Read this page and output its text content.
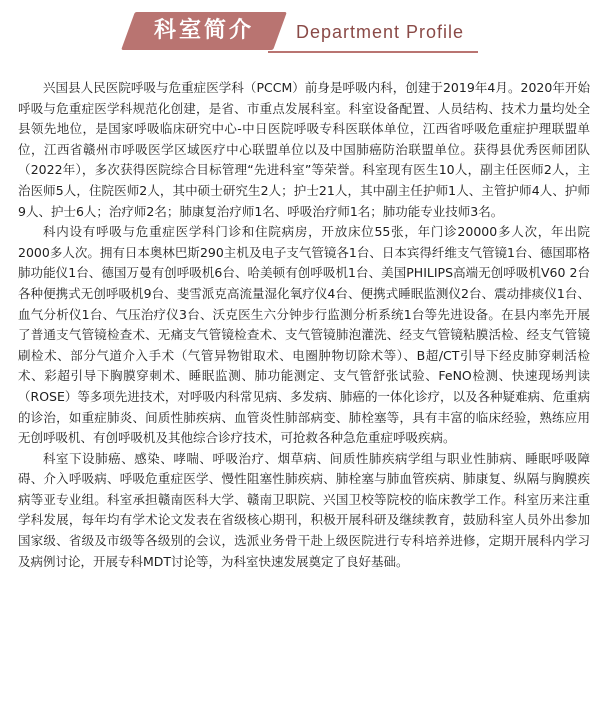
科室简介	Department Profile

兴国县人民医院呼吸与危重症医学科（PCCM）前身是呼吸内科，创建于2019年4月。2020年开始呼吸与危重症医学科规范化创建，是省、市重点发展科室。科室设备配置、人员结构、技术力量均处全县领先地位，是国家呼吸临床研究中心-中日医院呼吸专科医联体单位，江西省呼吸危重症护理联盟单位，江西省赣州市呼吸医学区域医疗中心联盟单位以及中国肺癌防治联盟单位。获得县优秀医师团队（2022年），多次获得医院综合目标管理“先进科室”等荣誉。科室现有医生10人，副主任医师2人，主治医师5人，住院医师2人，其中硕士研究生2人；护士21人，其中副主任护师1人、主管护师4人、护师9人、护士6人；治疗师2名；肺康复治疗师1名、呼吸治疗师1名；肺功能专业技师3名。

科内设有呼吸与危重症医学科门诊和住院病房，开放床位55张，年门诊20000多人次，年出院2000多人次。拥有日本奥林巴斯290主机及电子支气管镜各1台、日本宾得纤维支气管镜1台、德国耶格肺功能仪1台、德国万曼有创呼吸机6台、哈美顿有创呼吸机1台、美国PHILIPS高端无创呼吸机V60 2台各种便携式无创呼吸机9台、斐雪派克高流量湿化氧疗仪4台、便携式睡眠监测仪2台、震动排痰仪1台、血气分析仪1台、气压治疗仪3台、沃克医生六分钟步行监测分析系统1台等先进设备。在县内率先开展了普通支气管镜检查术、无痛支气管镜检查术、支气管镜肺泡灌洗、经支气管镜粘膜活检、经支气管镜刷检术、部分气道介入手术（气管异物钳取术、电圈肿物切除术等）、B超/CT引导下经皮肺穿刺活检术、彩超引导下胸膜穿刺术、睡眠监测、肺功能测定、支气管舒张试验、FeNO检测、快速现场判读（ROSE）等多项先进技术，对呼吸内科常见病、多发病、肺癌的一体化诊疗，以及各种疑难病、危重病的诊治，如重症肺炎、间质性肺疾病、血管炎性肺部病变、肺栓塞等，具有丰富的临床经验，熟练应用无创呼吸机、有创呼吸机及其他综合诊疗技术，可抢救各种急危重症呼吸疾病。

科室下设肺癌、感染、哮喘、呼吸治疗、烟草病、间质性肺疾病学组与职业性肺病、睡眠呼吸障碍、介入呼吸病、呼吸危重症医学、慢性阻塞性肺疾病、肺栓塞与肺血管疾病、肺康复、纵隔与胸膜疾病等亚专业组。科室承担赣南医科大学、赣南卫职院、兴国卫校等院校的临床教学工作。科室历来注重学科发展，每年均有学术论文发表在省级核心期刊，积极开展科研及继续教育，鼓励科室人员外出参加国家级、省级及市级等各级别的会议，选派业务骨干赴上级医院进行专科培养进修，定期开展科内学习及病例讨论，开展专科MDT讨论等，为科室快速发展奠定了良好基础。
